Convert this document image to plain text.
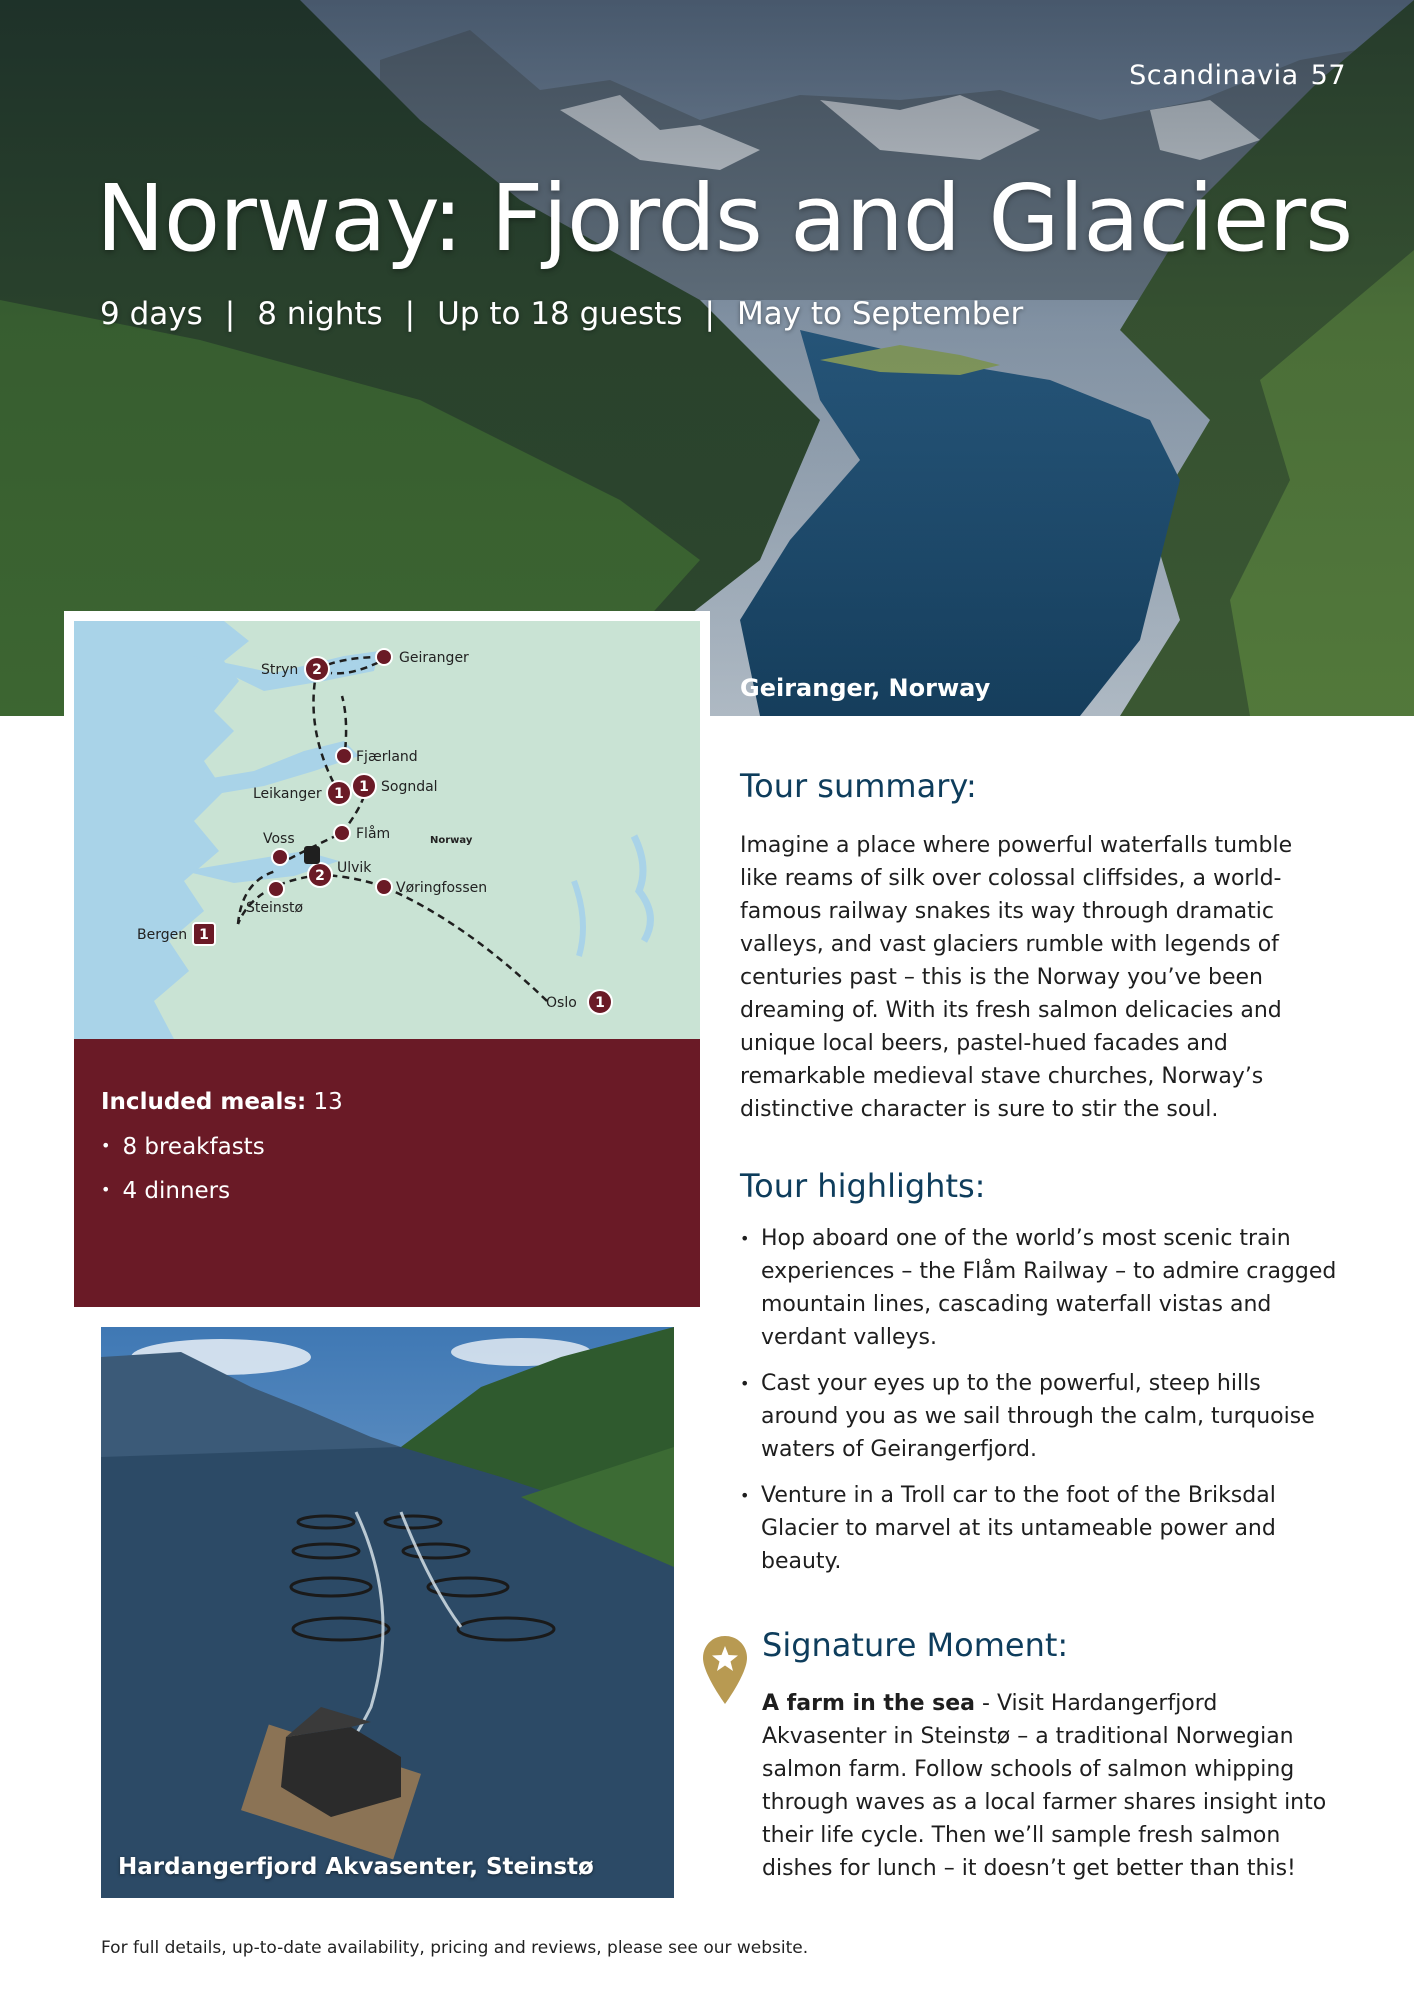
Scandinavia 57
Norway: Fjords and Glaciers
9 days | 8 nights | Up to 18 guests | May to September
Geiranger, Norway
2
1
1
2
1
1
Stryn
Geiranger
Fjærland
Sogndal
Leikanger
Flåm
Voss
Ulvik
Vøringfossen
Steinstø
Bergen
Oslo
Norway
Included meals: 13
• 8 breakfasts
• 4 dinners
Hardangerfjord Akvasenter, Steinstø
Tour summary:

Imagine a place where powerful waterfalls tumble like reams of silk over colossal cliffsides, a world-famous railway snakes its way through dramatic valleys, and vast glaciers rumble with legends of centuries past – this is the Norway you’ve been dreaming of. With its fresh salmon delicacies and unique local beers, pastel-hued facades and remarkable medieval stave churches, Norway’s distinctive character is sure to stir the soul.

Tour highlights:
• Hop aboard one of the world’s most scenic train experiences – the Flåm Railway – to admire cragged mountain lines, cascading waterfall vistas and verdant valleys.
• Cast your eyes up to the powerful, steep hills around you as we sail through the calm, turquoise waters of Geirangerfjord.
• Venture in a Troll car to the foot of the Briksdal Glacier to marvel at its untameable power and beauty.
Signature Moment:

A farm in the sea - Visit Hardangerfjord Akvasenter in Steinstø – a traditional Norwegian salmon farm. Follow schools of salmon whipping through waves as a local farmer shares insight into their life cycle. Then we’ll sample fresh salmon dishes for lunch – it doesn’t get better than this!

For full details, up-to-date availability, pricing and reviews, please see our website.
